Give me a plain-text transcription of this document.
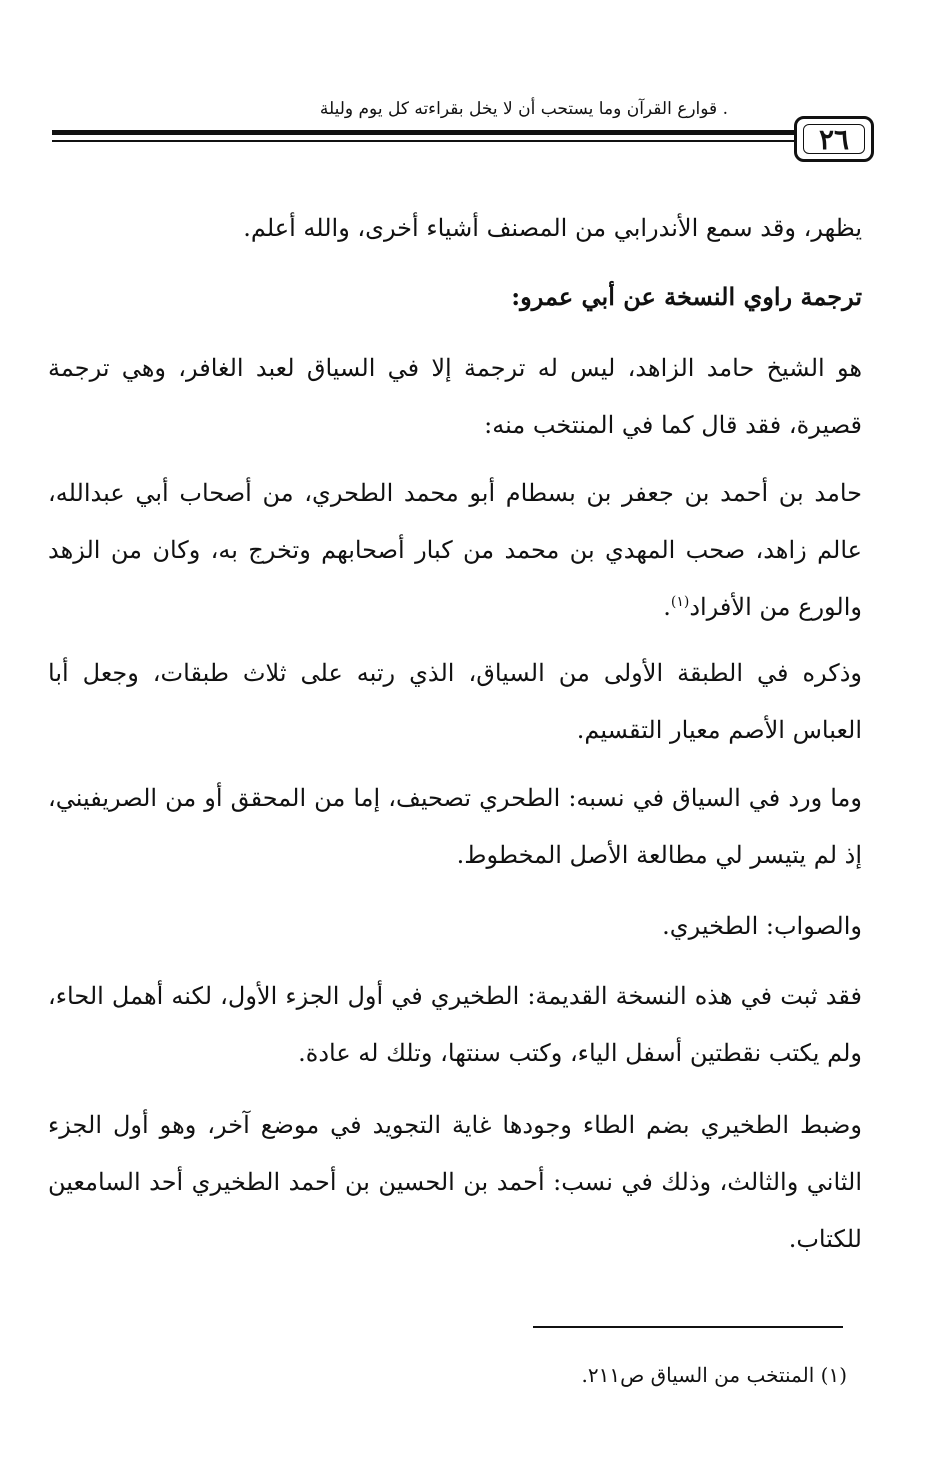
. قوارع القرآن وما يستحب أن لا يخل بقراءته كل يوم وليلة
٢٦

يظهر، وقد سمع الأندرابي من المصنف أشياء أخرى، والله أعلم.

ترجمة راوي النسخة عن أبي عمرو:

هو الشيخ حامد الزاهد، ليس له ترجمة إلا في السياق لعبد الغافر، وهي ترجمة قصيرة، فقد قال كما في المنتخب منه:

حامد بن أحمد بن جعفر بن بسطام أبو محمد الطحري، من أصحاب أبي عبدالله، عالم زاهد، صحب المهدي بن محمد من كبار أصحابهم وتخرج به، وكان من الزهد والورع من الأفراد$^{(١)}$.

وذكره في الطبقة الأولى من السياق، الذي رتبه على ثلاث طبقات، وجعل أبا العباس الأصم معيار التقسيم.

وما ورد في السياق في نسبه: الطحري تصحيف، إما من المحقق أو من الصريفيني، إذ لم يتيسر لي مطالعة الأصل المخطوط.

والصواب: الطخيري.

فقد ثبت في هذه النسخة القديمة: الطخيري في أول الجزء الأول، لكنه أهمل الحاء، ولم يكتب نقطتين أسفل الياء، وكتب سنتها، وتلك له عادة.

وضبط الطخيري بضم الطاء وجودها غاية التجويد في موضع آخر، وهو أول الجزء الثاني والثالث، وذلك في نسب: أحمد بن الحسين بن أحمد الطخيري أحد السامعين للكتاب.

(١) المنتخب من السياق ص٢١١.
